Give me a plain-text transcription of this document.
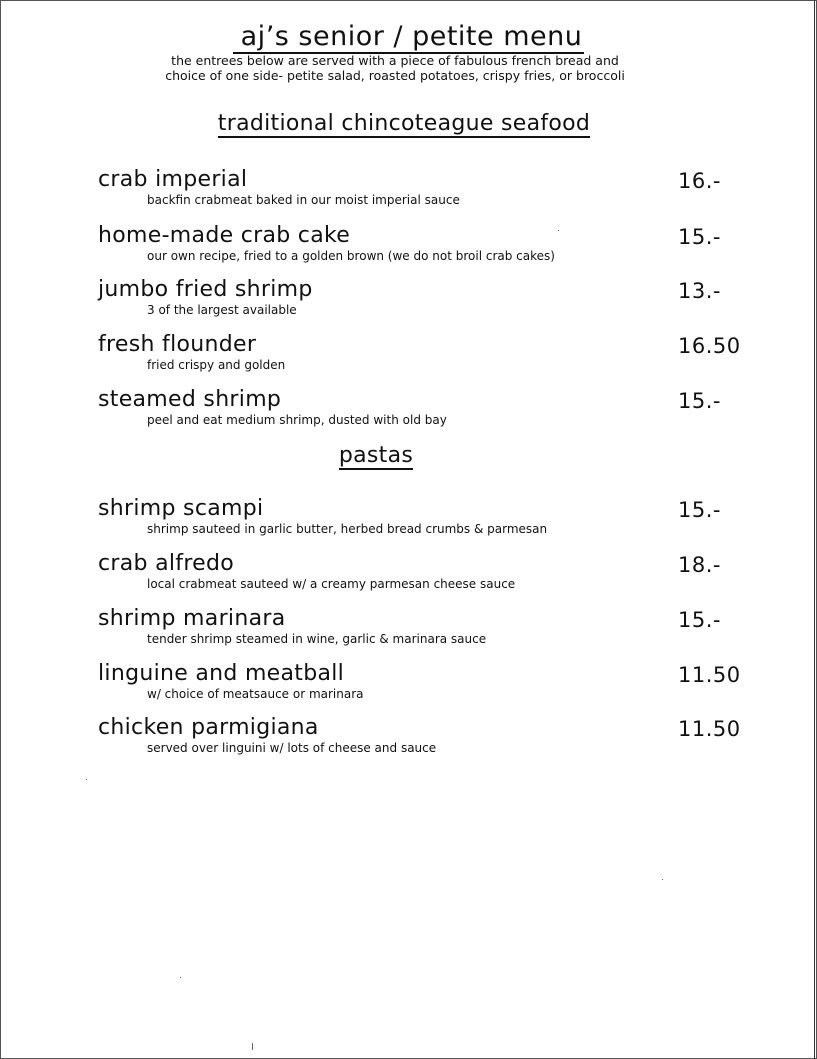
aj’s senior / petite menu
the entrees below are served with a piece of fabulous french bread and
choice of one side- petite salad, roasted potatoes, crispy fries, or broccoli
traditional chincoteague seafood
crab imperial
backfin crabmeat baked in our moist imperial sauce
16.-
home-made crab cake
our own recipe, fried to a golden brown (we do not broil crab cakes)
15.-
jumbo fried shrimp
3 of the largest available
13.-
fresh flounder
fried crispy and golden
16.50
steamed shrimp
peel and eat medium shrimp, dusted with old bay
15.-
pastas
shrimp scampi
shrimp sauteed in garlic butter, herbed bread crumbs & parmesan
15.-
crab alfredo
local crabmeat sauteed w/ a creamy parmesan cheese sauce
18.-
shrimp marinara
tender shrimp steamed in wine, garlic & marinara sauce
15.-
linguine and meatball
w/ choice of meatsauce or marinara
11.50
chicken parmigiana
served over linguini w/ lots of cheese and sauce
11.50
